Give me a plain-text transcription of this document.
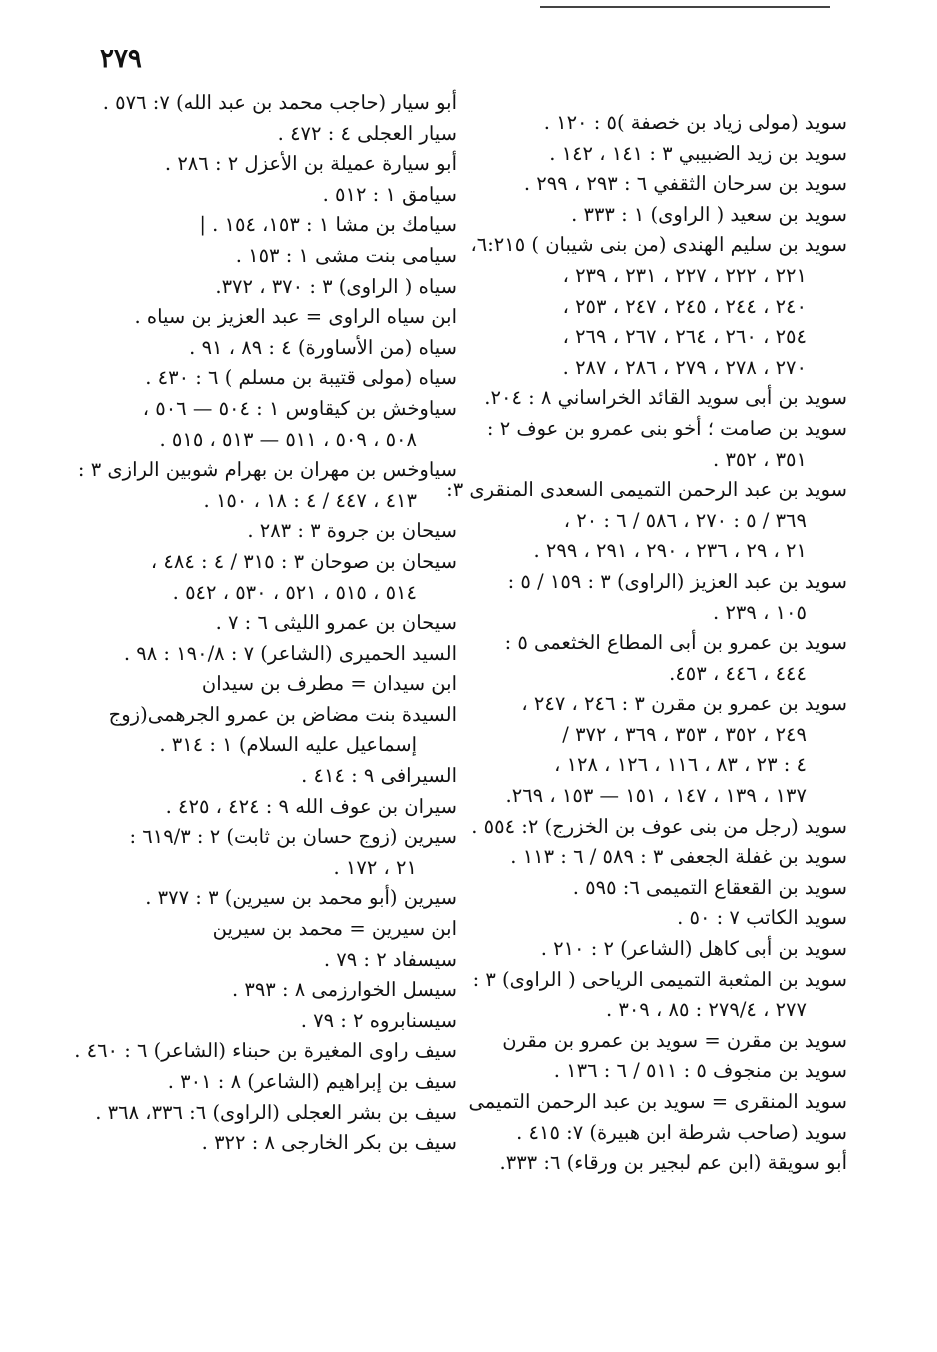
٢٧٩
سويد (مولى زياد بن خصفة )٥ : ١٢٠ .
سويد بن زيد الضبيبي ٣ : ١٤١ ، ١٤٢ .
سويد بن سرحان الثقفي ٦ : ٢٩٣ ، ٢٩٩ .
سويد بن سعيد ( الراوى) ١ : ٣٣٣ .
سويد بن سليم الهندى (من بنى شيبان ) ٦:٢١٥،
٢٢١ ، ٢٢٢ ، ٢٢٧ ، ٢٣١ ، ٢٣٩ ،
٢٤٠ ، ٢٤٤ ، ٢٤٥ ، ٢٤٧ ، ٢٥٣ ،
٢٥٤ ، ٢٦٠ ، ٢٦٤ ، ٢٦٧ ، ٢٦٩ ،
٢٧٠ ، ٢٧٨ ، ٢٧٩ ، ٢٨٦ ، ٢٨٧ .
سويد بن أبى سويد القائد الخراساني ٨ : ٢٠٤.
سويد بن صامت ؛ أخو بنى عمرو بن عوف ٢ :
٣٥١ ، ٣٥٢ .
سويد بن عبد الرحمن التميمى السعدى المنقرى ٣:
٣٦٩ / ٥ : ٢٧٠ ، ٥٨٦ / ٦ : ٢٠ ،
٢١ ، ٢٩ ، ٢٣٦ ، ٢٩٠ ، ٢٩١ ، ٢٩٩ .
سويد بن عبد العزيز (الراوى) ٣ : ١٥٩ / ٥ :
١٠٥ ، ٢٣٩ .
سويد بن عمرو بن أبى المطاع الخثعمى ٥ :
٤٤٤ ، ٤٤٦ ، ٤٥٣.
سويد بن عمرو بن مقرن ٣ : ٢٤٦ ، ٢٤٧ ،
٢٤٩ ، ٣٥٢ ، ٣٥٣ ، ٣٦٩ ، ٣٧٢ /
٤ : ٢٣ ، ٨٣ ، ١١٦ ، ١٢٦ ، ١٢٨ ،
١٣٧ ، ١٣٩ ، ١٤٧ ، ١٥١ — ١٥٣ ، ٢٦٩.
سويد (رجل من بنى عوف بن الخزرج) ٢: ٥٥٤ .
سويد بن غفلة الجعفى ٣ : ٥٨٩ / ٦ : ١١٣ .
سويد بن القعقاع التميمى ٦: ٥٩٥ .
سويد الكاتب ٧ : ٥٠ .
سويد بن أبى كاهل (الشاعر) ٢ : ٢١٠ .
سويد بن المثعبة التميمى الرياحى ( الراوى) ٣ :
٢٧٧ ، ٢٧٩/٤ : ٨٥ ، ٣٠٩ .
سويد بن مقرن = سويد بن عمرو بن مقرن
سويد بن منجوف ٥ : ٥١١ / ٦ : ١٣٦ .
سويد المنقرى = سويد بن عبد الرحمن التميمى
سويد (صاحب شرطة ابن هبيرة) ٧: ٤١٥ .
أبو سويقة (ابن عم لبجير بن ورقاء) ٦: ٣٣٣.
أبو سيار (حاجب محمد بن عبد الله) ٧: ٥٧٦ .
سيار العجلى ٤ : ٤٧٢ .
أبو سيارة عميلة بن الأعزل ٢ : ٢٨٦ .
سيامق ١ : ٥١٢ .
سيامك بن مشا ١ : ١٥٣، ١٥٤ . |
سيامى بنت مشى ١ : ١٥٣ .
سياه ( الراوى) ٣ : ٣٧٠ ، ٣٧٢.
ابن سياه الراوى = عبد العزيز بن سياه .
سياه (من الأساورة) ٤ : ٨٩ ، ٩١ .
سياه (مولى قتيبة بن مسلم ) ٦ : ٤٣٠ .
سياوخش بن كيقاوس ١ : ٥٠٤ — ٥٠٦ ،
٥٠٨ ، ٥٠٩ ، ٥١١ — ٥١٣ ، ٥١٥ .
سياوخس بن مهران بن بهرام شوبين الرازى ٣ :
٤١٣ ، ٤٤٧ / ٤ : ١٨ ، ١٥٠ .
سيحان بن جروة ٣ : ٢٨٣ .
سيحان بن صوحان ٣ : ٣١٥ / ٤ : ٤٨٤ ،
٥١٤ ، ٥١٥ ، ٥٢١ ، ٥٣٠ ، ٥٤٢ .
سيحان بن عمرو الليثى ٦ : ٧ .
السيد الحميرى (الشاعر) ٧ : ١٩٠/٨ : ٩٨ .
ابن سيدان = مطرف بن سيدان
السيدة بنت مضاض بن عمرو الجرهمى(زوج
إسماعيل عليه السلام) ١ : ٣١٤ .
السيرافى ٩ : ٤١٤ .
سيران بن عوف الله ٩ : ٤٢٤ ، ٤٢٥ .
سيرين (زوج حسان بن ثابت) ٢ : ٦١٩/٣ :
٢١ ، ١٧٢ .
سيرين (أبو محمد بن سيرين) ٣ : ٣٧٧ .
ابن سيرين = محمد بن سيرين
سيسفاد ٢ : ٧٩ .
سيسل الخوارزمى ٨ : ٣٩٣ .
سيسنابروه ٢ : ٧٩ .
سيف راوى المغيرة بن حبناء (الشاعر) ٦ : ٤٦٠ .
سيف بن إبراهيم (الشاعر) ٨ : ٣٠١ .
سيف بن بشر العجلى (الراوى) ٦: ٣٣٦، ٣٦٨ .
سيف بن بكر الخارجى ٨ : ٣٢٢ .
